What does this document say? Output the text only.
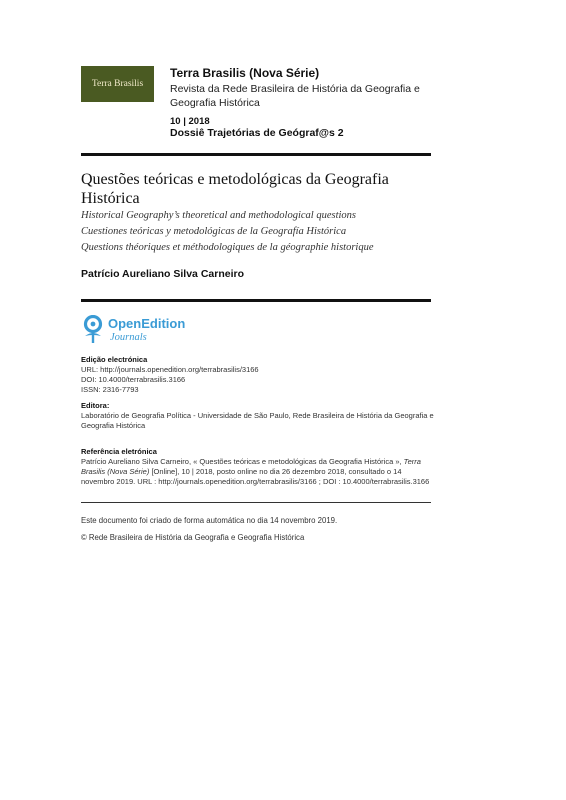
Terra Brasilis
Terra Brasilis (Nova Série)
Revista da Rede Brasileira de História da Geografia e Geografia Histórica
10 | 2018
Dossiê Trajetórias de Geógraf@s 2
Questões teóricas e metodológicas da Geografia Histórica
Historical Geography’s theoretical and methodological questions
Cuestiones teóricas y metodológicas de la Geografía Histórica
Questions théoriques et méthodologiques de la géographie historique
Patrício Aureliano Silva Carneiro
OpenEdition
Journals
Edição electrónica
URL: http://journals.openedition.org/terrabrasilis/3166
DOI: 10.4000/terrabrasilis.3166
ISSN: 2316-7793
Editora:
Laboratório de Geografia Política - Universidade de São Paulo, Rede Brasileira de História da Geografia e Geografia Histórica
Referência eletrónica
Patrício Aureliano Silva Carneiro, « Questões teóricas e metodológicas da Geografia Histórica », Terra Brasilis (Nova Série) [Online], 10 | 2018, posto online no dia 26 dezembro 2018, consultado o 14 novembro 2019. URL : http://journals.openedition.org/terrabrasilis/3166 ; DOI : 10.4000/terrabrasilis.3166
Este documento foi criado de forma automática no dia 14 novembro 2019.
© Rede Brasileira de História da Geografia e Geografia Histórica
